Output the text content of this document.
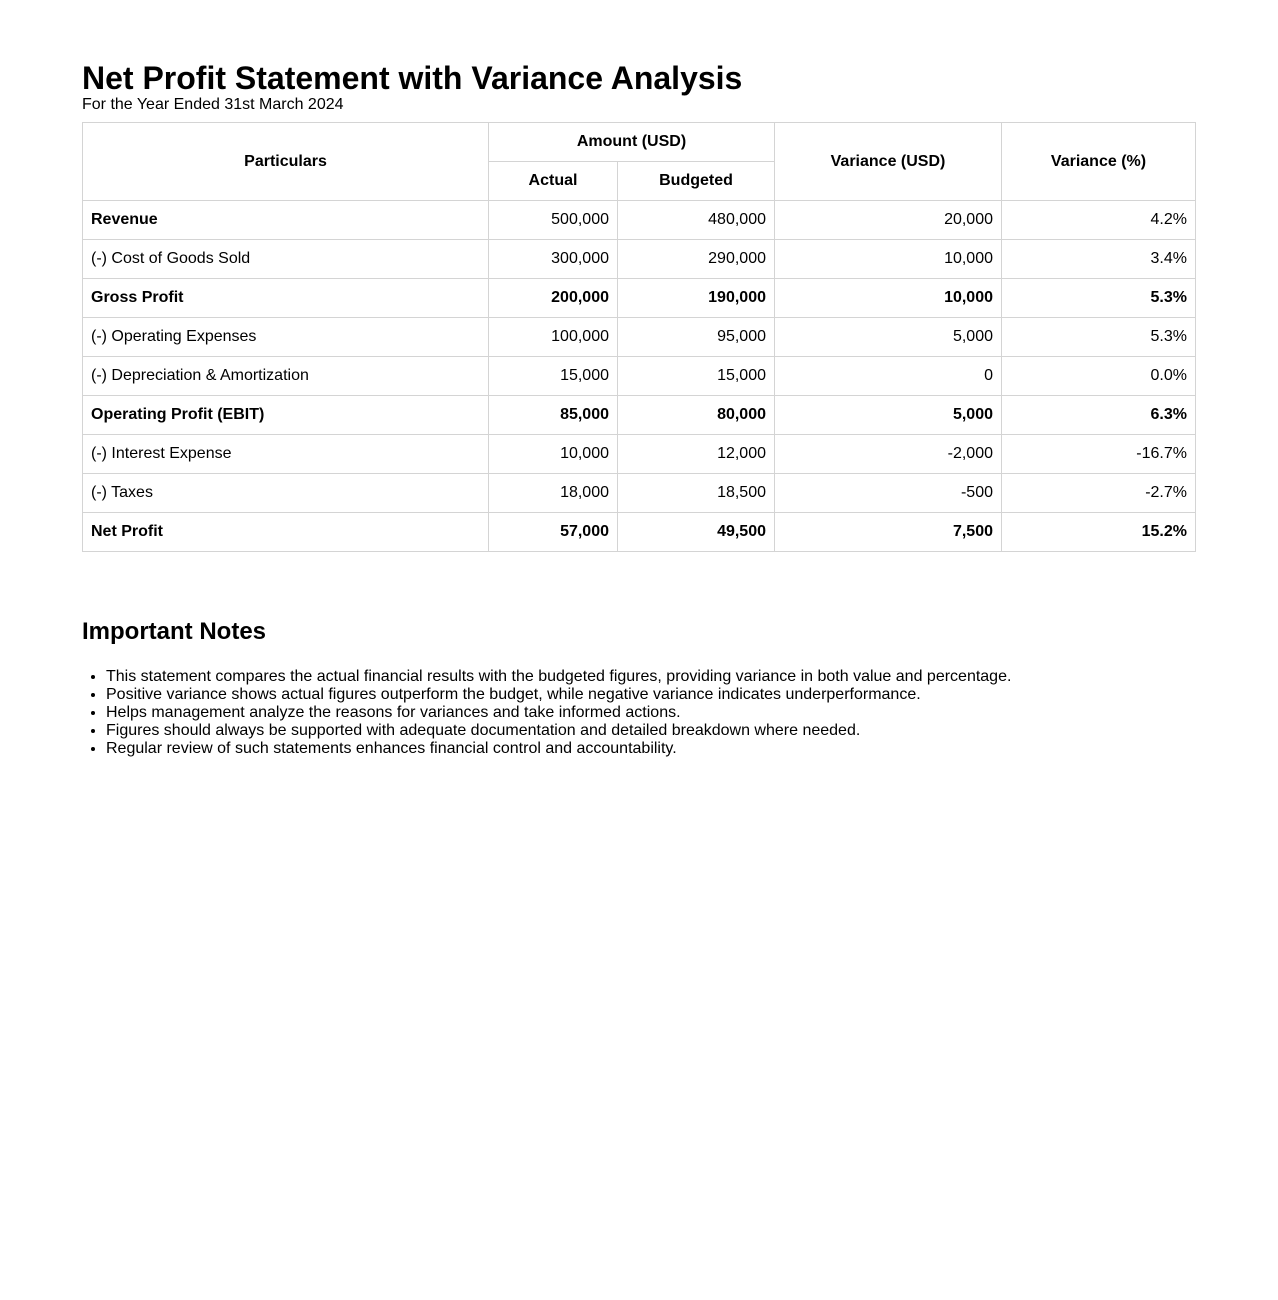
Net Profit Statement with Variance Analysis

For the Year Ended 31st March 2024

Particulars	Amount (USD)		Variance (USD)	Variance (%)
	Actual	Budgeted		
Revenue	500,000	480,000	20,000	4.2%
(-) Cost of Goods Sold	300,000	290,000	10,000	3.4%
Gross Profit	200,000	190,000	10,000	5.3%
(-) Operating Expenses	100,000	95,000	5,000	5.3%
(-) Depreciation & Amortization	15,000	15,000	0	0.0%
Operating Profit (EBIT)	85,000	80,000	5,000	6.3%
(-) Interest Expense	10,000	12,000	-2,000	-16.7%
(-) Taxes	18,000	18,500	-500	-2.7%
Net Profit	57,000	49,500	7,500	15.2%
Important Notes
• This statement compares the actual financial results with the budgeted figures, providing variance in both value and percentage.
• Positive variance shows actual figures outperform the budget, while negative variance indicates underperformance.
• Helps management analyze the reasons for variances and take informed actions.
• Figures should always be supported with adequate documentation and detailed breakdown where needed.
• Regular review of such statements enhances financial control and accountability.
